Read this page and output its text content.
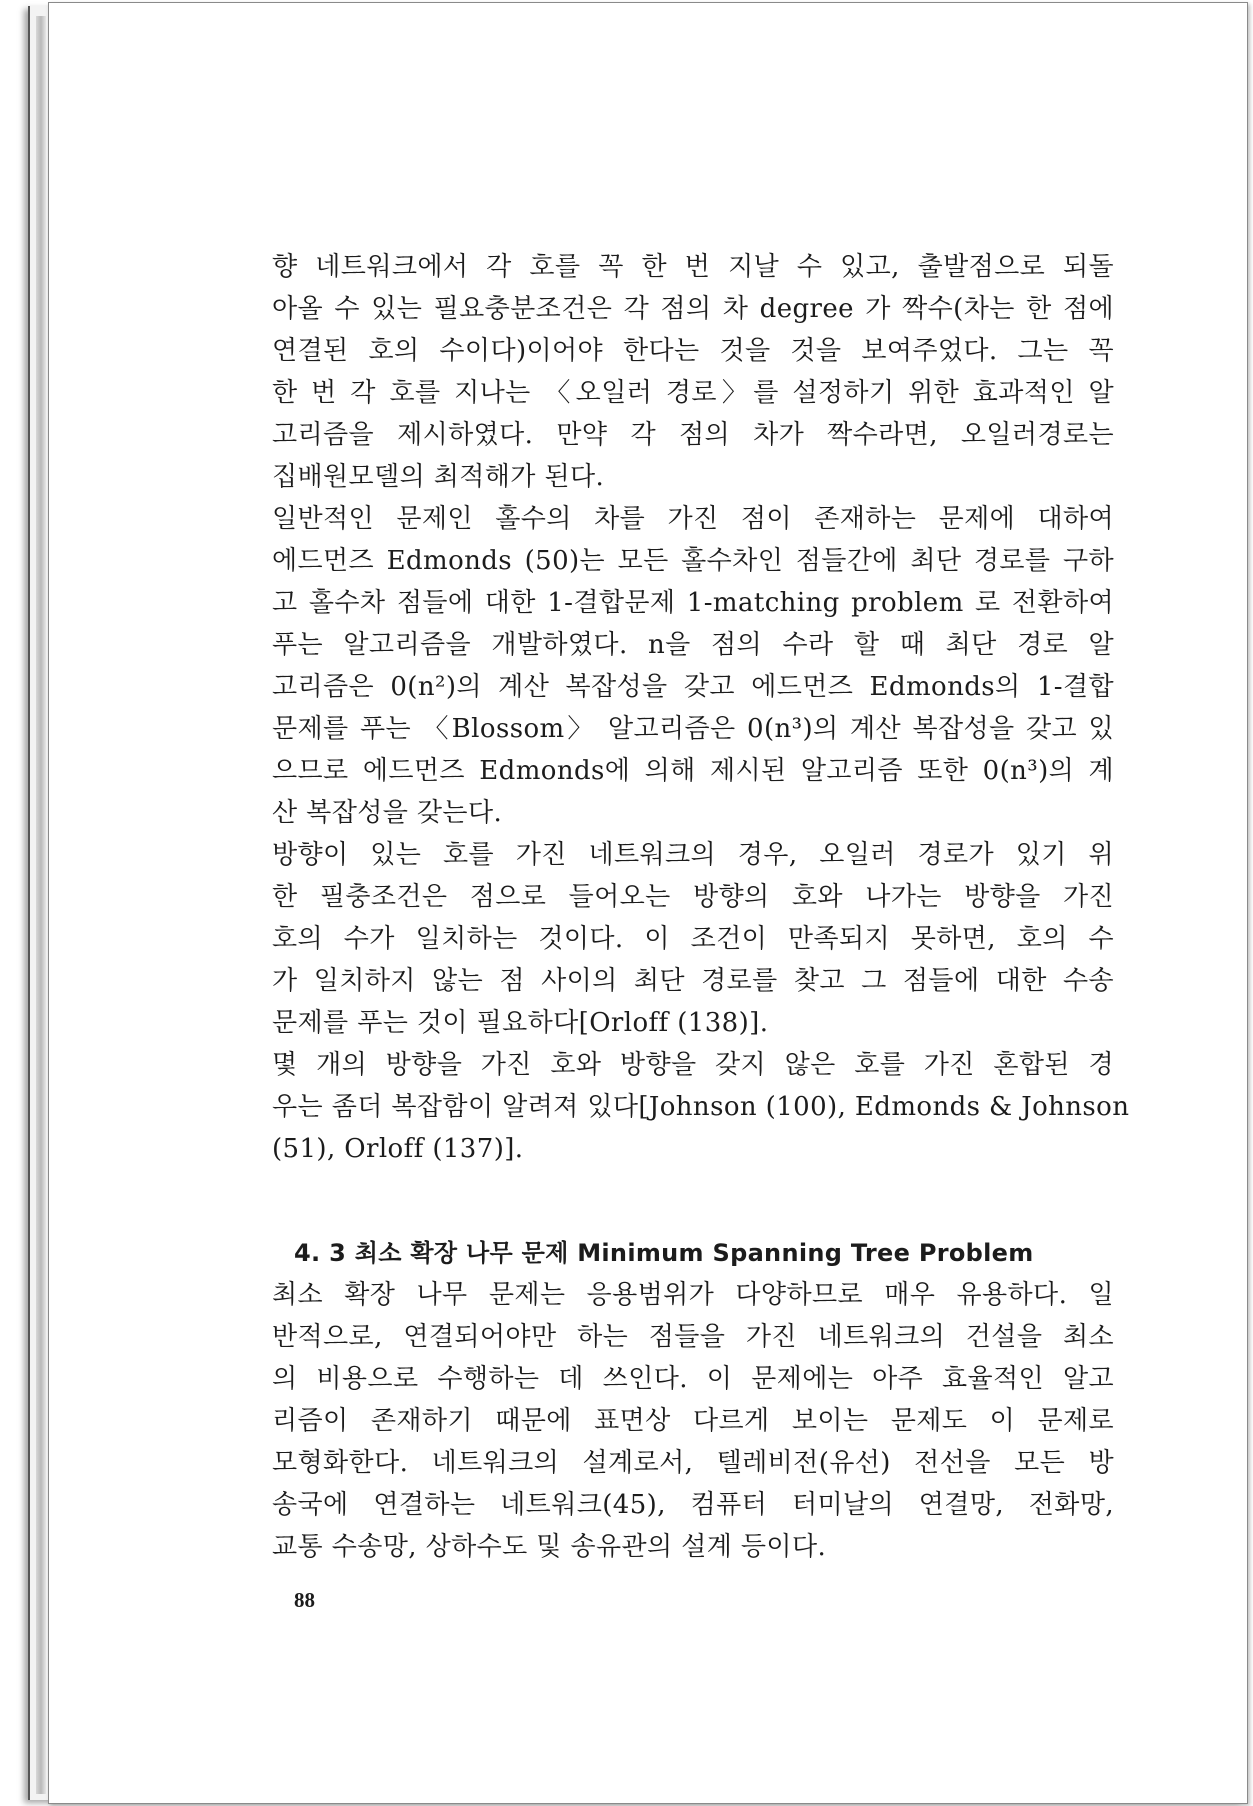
향 네트워크에서 각 호를 꼭 한 번 지날 수 있고, 출발점으로 되돌
아올 수 있는 필요충분조건은 각 점의 차 degree 가 짝수(차는 한 점에
연결된 호의 수이다)이어야 한다는 것을 것을 보여주었다. 그는 꼭
한 번 각 호를 지나는 〈오일러 경로〉를 설정하기 위한 효과적인 알
고리즘을 제시하였다. 만약 각 점의 차가 짝수라면, 오일러경로는
집배원모델의 최적해가 된다.
일반적인 문제인 홀수의 차를 가진 점이 존재하는 문제에 대하여
에드먼즈 Edmonds (50)는 모든 홀수차인 점들간에 최단 경로를 구하
고 홀수차 점들에 대한 1-결합문제 1-matching problem 로 전환하여
푸는 알고리즘을 개발하였다. n을 점의 수라 할 때 최단 경로 알
고리즘은 0(n²)의 계산 복잡성을 갖고 에드먼즈 Edmonds의 1-결합
문제를 푸는 〈Blossom〉 알고리즘은 0(n³)의 계산 복잡성을 갖고 있
으므로 에드먼즈 Edmonds에 의해 제시된 알고리즘 또한 0(n³)의 계
산 복잡성을 갖는다.
방향이 있는 호를 가진 네트워크의 경우, 오일러 경로가 있기 위
한 필충조건은 점으로 들어오는 방향의 호와 나가는 방향을 가진
호의 수가 일치하는 것이다. 이 조건이 만족되지 못하면, 호의 수
가 일치하지 않는 점 사이의 최단 경로를 찾고 그 점들에 대한 수송
문제를 푸는 것이 필요하다[Orloff (138)].
몇 개의 방향을 가진 호와 방향을 갖지 않은 호를 가진 혼합된 경
우는 좀더 복잡함이 알려져 있다[Johnson (100), Edmonds & Johnson
(51), Orloff (137)].
4. 3 최소 확장 나무 문제 Minimum Spanning Tree Problem
최소 확장 나무 문제는 응용범위가 다양하므로 매우 유용하다. 일
반적으로, 연결되어야만 하는 점들을 가진 네트워크의 건설을 최소
의 비용으로 수행하는 데 쓰인다. 이 문제에는 아주 효율적인 알고
리즘이 존재하기 때문에 표면상 다르게 보이는 문제도 이 문제로
모형화한다. 네트워크의 설계로서, 텔레비전(유선) 전선을 모든 방
송국에 연결하는 네트워크(45), 컴퓨터 터미날의 연결망, 전화망,
교통 수송망, 상하수도 및 송유관의 설계 등이다.
88
